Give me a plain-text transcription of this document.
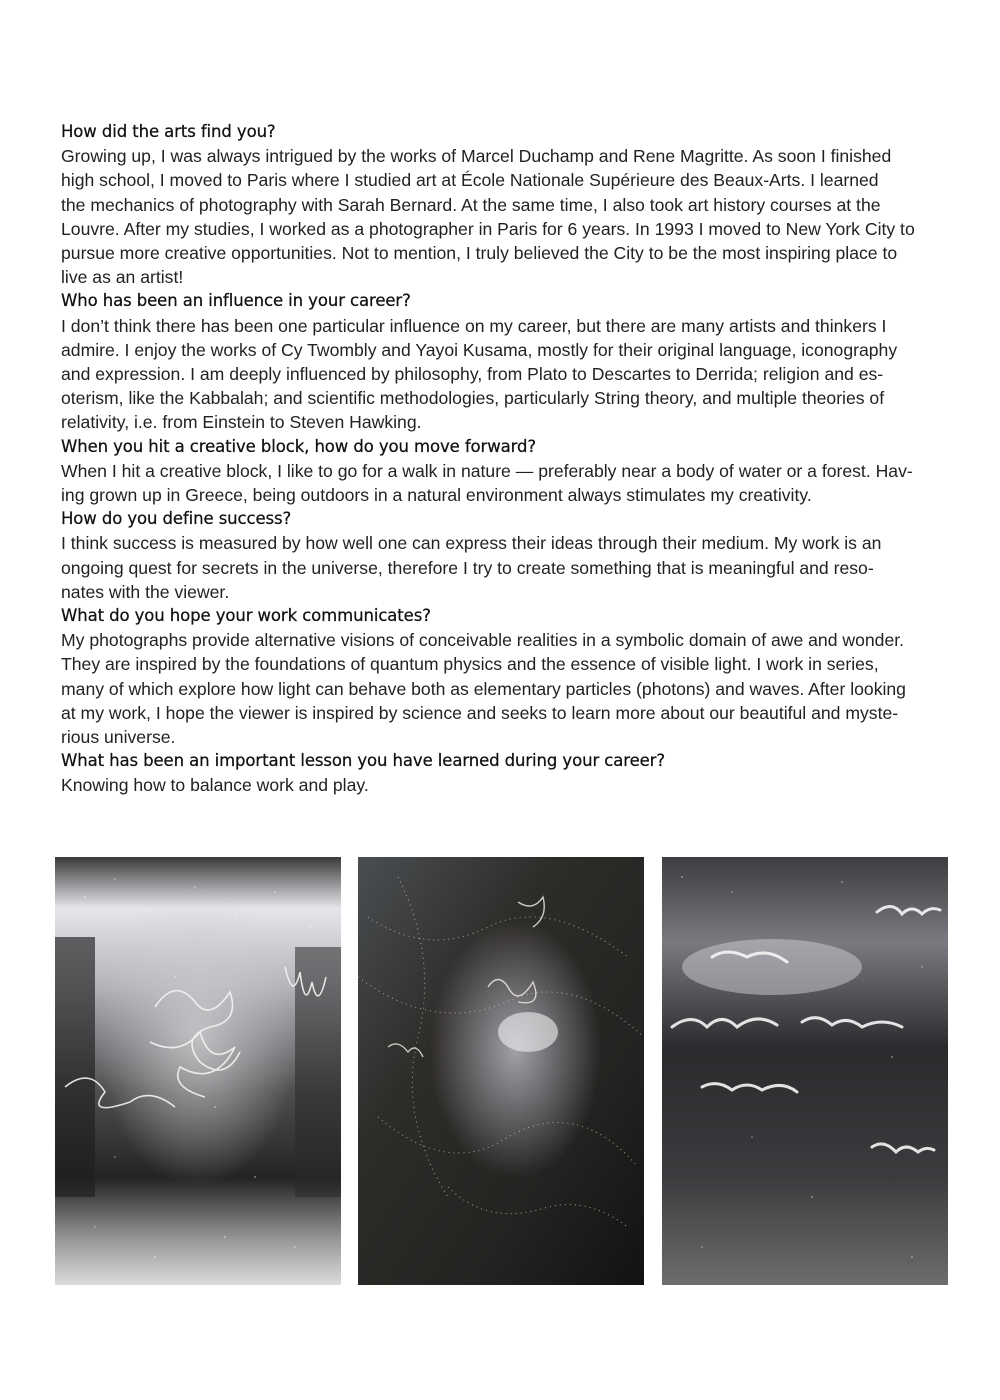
How did the arts find you?

Growing up, I was always intrigued by the works of Marcel Duchamp and Rene Magritte. As soon I finished

high school, I moved to Paris where I studied art at École Nationale Supérieure des Beaux-Arts. I learned

the mechanics of photography with Sarah Bernard. At the same time, I also took art history courses at the

Louvre. After my studies, I worked as a photographer in Paris for 6 years. In 1993 I moved to New York City to

pursue more creative opportunities. Not to mention, I truly believed the City to be the most inspiring place to

live as an artist!

Who has been an influence in your career?

I don’t think there has been one particular influence on my career, but there are many artists and thinkers I

admire. I enjoy the works of Cy Twombly and Yayoi Kusama, mostly for their original language, iconography

and expression. I am deeply influenced by philosophy, from Plato to Descartes to Derrida; religion and es-

oterism, like the Kabbalah; and scientific methodologies, particularly String theory, and multiple theories of

relativity, i.e. from Einstein to Steven Hawking.

When you hit a creative block, how do you move forward?

When I hit a creative block, I like to go for a walk in nature — preferably near a body of water or a forest. Hav-

ing grown up in Greece, being outdoors in a natural environment always stimulates my creativity.

How do you define success?

I think success is measured by how well one can express their ideas through their medium. My work is an

ongoing quest for secrets in the universe, therefore I try to create something that is meaningful and reso-

nates with the viewer.

What do you hope your work communicates?

My photographs provide alternative visions of conceivable realities in a symbolic domain of awe and wonder.

They are inspired by the foundations of quantum physics and the essence of visible light. I work in series,

many of which explore how light can behave both as elementary particles (photons) and waves. After looking

at my work, I hope the viewer is inspired by science and seeks to learn more about our beautiful and myste-

rious universe.

What has been an important lesson you have learned during your career?

Knowing how to balance work and play.
